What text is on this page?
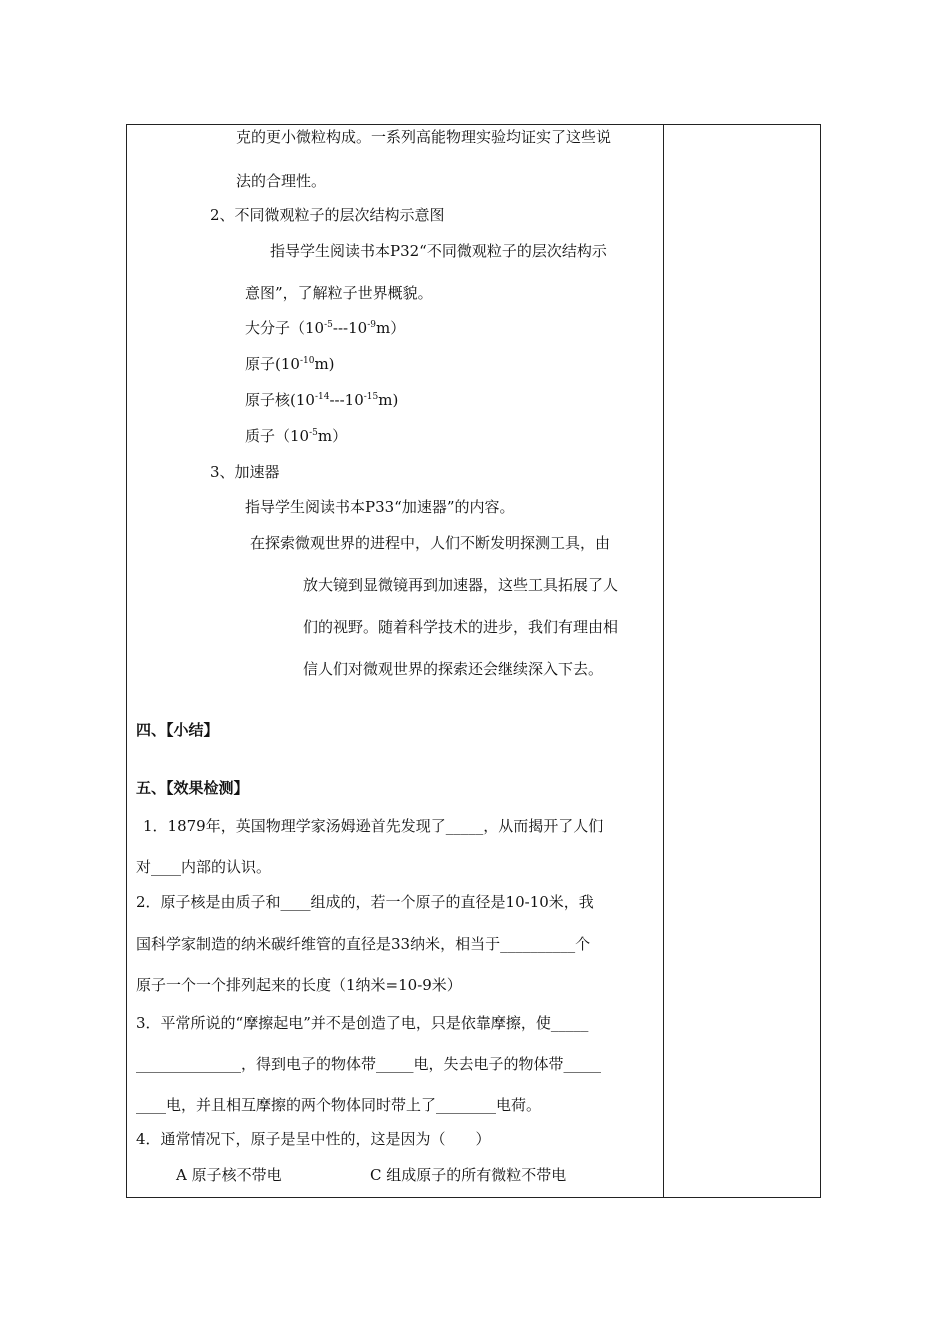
克的更小微粒构成。一系列高能物理实验均证实了这些说
法的合理性。
2、不同微观粒子的层次结构示意图
指导学生阅读书本P32“不同微观粒子的层次结构示
意图”，了解粒子世界概貌。
大分子$(10^{-5}---10^{-9}m)$
原子$(10^{-10}m)$
原子核$(10^{-14}---10^{-15}m)$
质子$(10^{-5}m)$
3、加速器
指导学生阅读书本P33“加速器”的内容。
在探索微观世界的进程中，人们不断发明探测工具，由
放大镜到显微镜再到加速器，这些工具拓展了人
们的视野。随着科学技术的进步，我们有理由相
信人们对微观世界的探索还会继续深入下去。
四、【小结】
五、【效果检测】
1．1879年，英国物理学家汤姆逊首先发现了_____，从而揭开了人们
对____内部的认识。
2．原子核是由质子和____组成的，若一个原子的直径是10-10米，我
国科学家制造的纳米碳纤维管的直径是33纳米，相当于__________个
原子一个一个排列起来的长度（1纳米=10-9米）
3．平常所说的“摩擦起电”并不是创造了电，只是依靠摩擦，使_____
______________，得到电子的物体带_____电，失去电子的物体带_____
____电，并且相互摩擦的两个物体同时带上了________电荷。
4．通常情况下，原子是呈中性的，这是因为（　　）
A 原子核不带电	C 组成原子的所有微粒不带电
